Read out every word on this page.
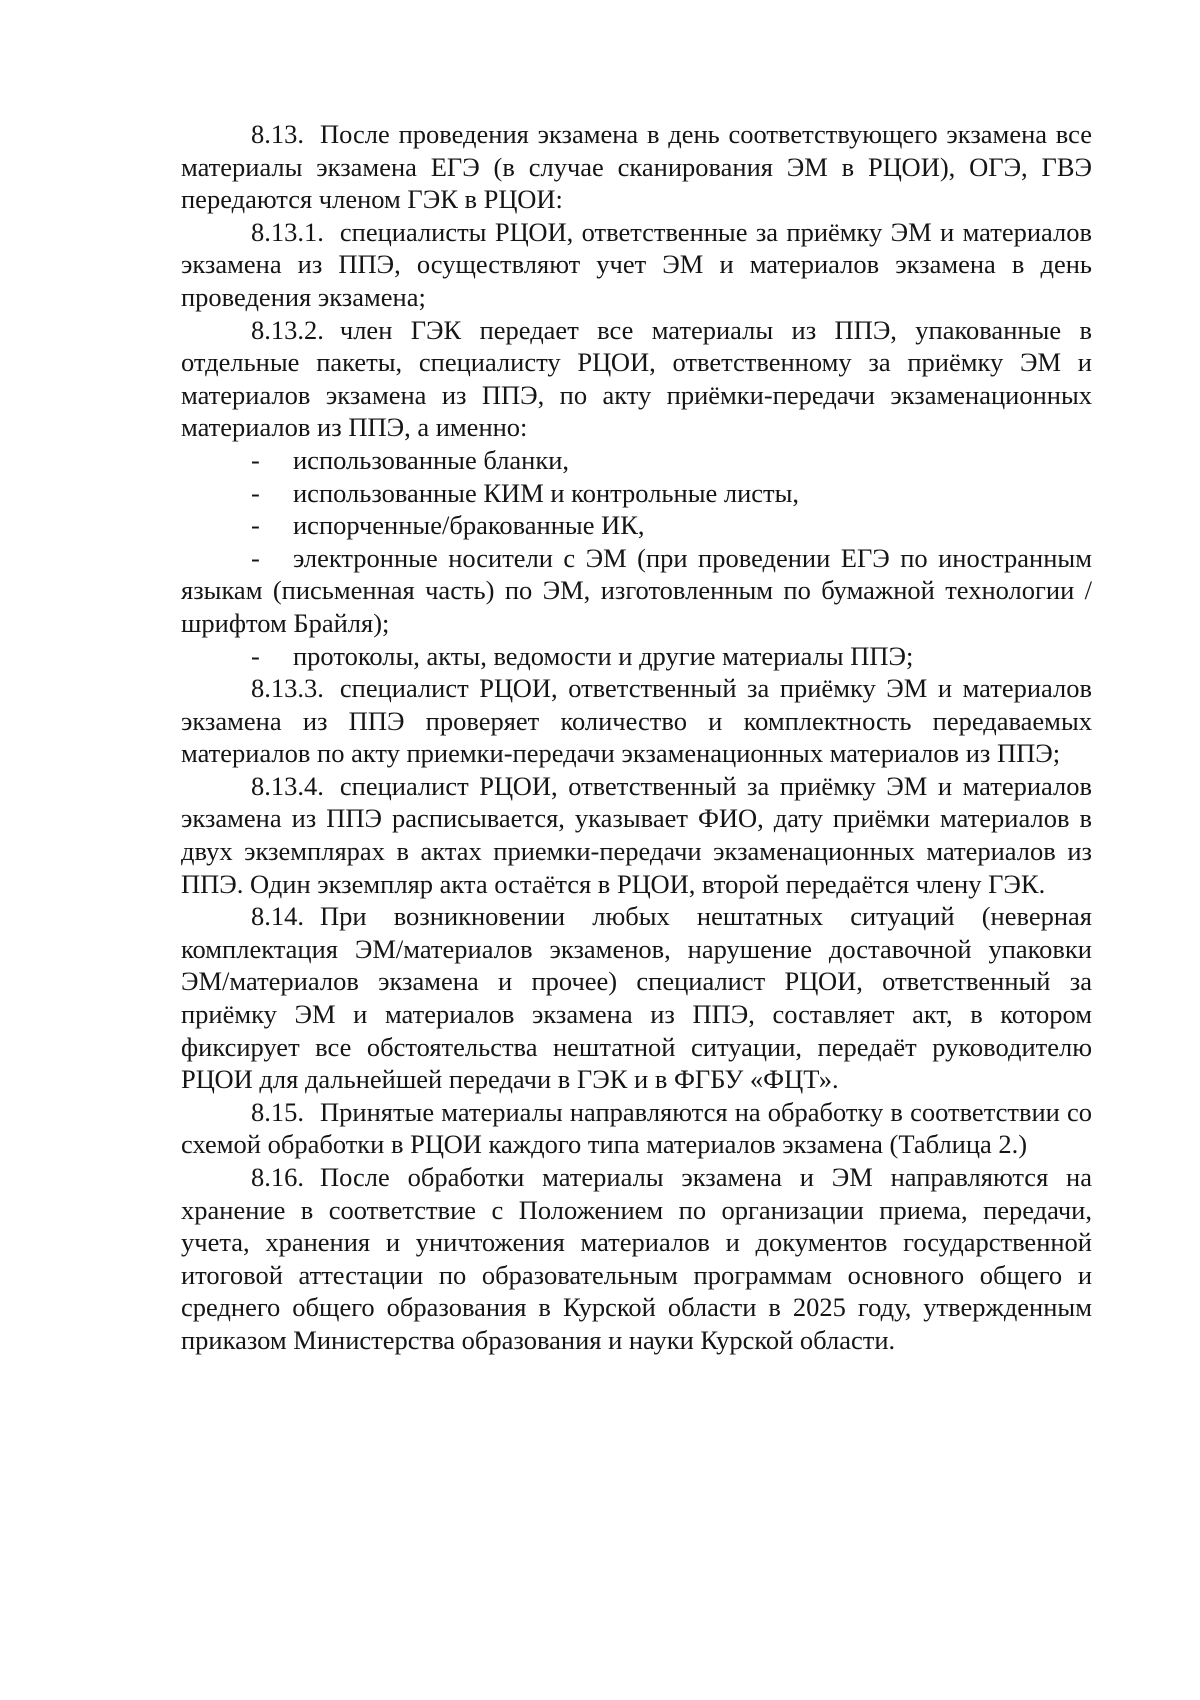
8.13. После проведения экзамена в день соответствующего экзамена все материалы экзамена ЕГЭ (в случае сканирования ЭМ в РЦОИ), ОГЭ, ГВЭ передаются членом ГЭК в РЦОИ:

8.13.1. специалисты РЦОИ, ответственные за приёмку ЭМ и материалов экзамена из ППЭ, осуществляют учет ЭМ и материалов экзамена в день проведения экзамена;

8.13.2. член ГЭК передает все материалы из ППЭ, упакованные в отдельные пакеты, специалисту РЦОИ, ответственному за приёмку ЭМ и материалов экзамена из ППЭ, по акту приёмки-передачи экзаменационных материалов из ППЭ, а именно:

- использованные бланки,

- использованные КИМ и контрольные листы,

- испорченные/бракованные ИК,

- электронные носители с ЭМ (при проведении ЕГЭ по иностранным языкам (письменная часть) по ЭМ, изготовленным по бумажной технологии / шрифтом Брайля);

- протоколы, акты, ведомости и другие материалы ППЭ;

8.13.3. специалист РЦОИ, ответственный за приёмку ЭМ и материалов экзамена из ППЭ проверяет количество и комплектность передаваемых материалов по акту приемки-передачи экзаменационных материалов из ППЭ;

8.13.4. специалист РЦОИ, ответственный за приёмку ЭМ и материалов экзамена из ППЭ расписывается, указывает ФИО, дату приёмки материалов в двух экземплярах в актах приемки-передачи экзаменационных материалов из ППЭ. Один экземпляр акта остаётся в РЦОИ, второй передаётся члену ГЭК.

8.14. При возникновении любых нештатных ситуаций (неверная комплектация ЭМ/материалов экзаменов, нарушение доставочной упаковки ЭМ/материалов экзамена и прочее) специалист РЦОИ, ответственный за приёмку ЭМ и материалов экзамена из ППЭ, составляет акт, в котором фиксирует все обстоятельства нештатной ситуации, передаёт руководителю РЦОИ для дальнейшей передачи в ГЭК и в ФГБУ «ФЦТ».

8.15. Принятые материалы направляются на обработку в соответствии со схемой обработки в РЦОИ каждого типа материалов экзамена (Таблица 2.)

8.16. После обработки материалы экзамена и ЭМ направляются на хранение в соответствие с Положением по организации приема, передачи, учета, хранения и уничтожения материалов и документов государственной итоговой аттестации по образовательным программам основного общего и среднего общего образования в Курской области в 2025 году, утвержденным приказом Министерства образования и науки Курской области.
